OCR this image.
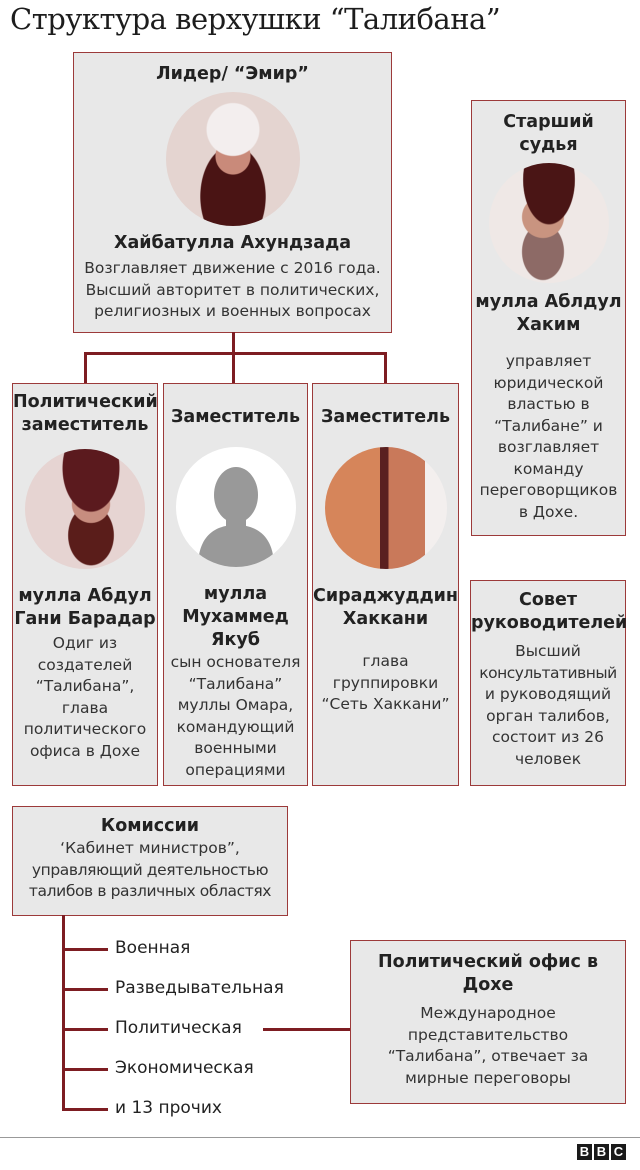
Структура верхушки “Талибана”
Лидер/ “Эмир”
Хайбатулла Ахундзада
Возглавляет движение с 2016 года.
Высший авторитет в политических,
религиозных и военных вопросах
Старший
судья
мулла Аблдул
Хаким
управляет
юридической
властью в
“Талибане” и
возглавляет
команду
переговорщиков
в Дохе.
Политический
заместитель
мулла Абдул
Гани Барадар
Одиг из
создателей
“Талибана”,
глава
политического
офиса в Дохе
Заместитель
мулла
Мухаммед
Якуб
сын основателя
“Талибана”
муллы Омара,
командующий
военными
операциями
Заместитель
Сираджуддин
Хаккани
глава
группировки
“Сеть Хаккани”
Совет
руководителей
Высший
консультативный
и руководящий
орган талибов,
состоит из 26
человек
Комиссии
‘Кабинет министров”,
управляющий деятельностью
талибов в различных областях
Военная
Разведывательная
Политическая
Экономическая
и 13 прочих
Политический офис в
Дохе
Международное
представительство
“Талибана”, отвечает за
мирные переговоры
B B C
